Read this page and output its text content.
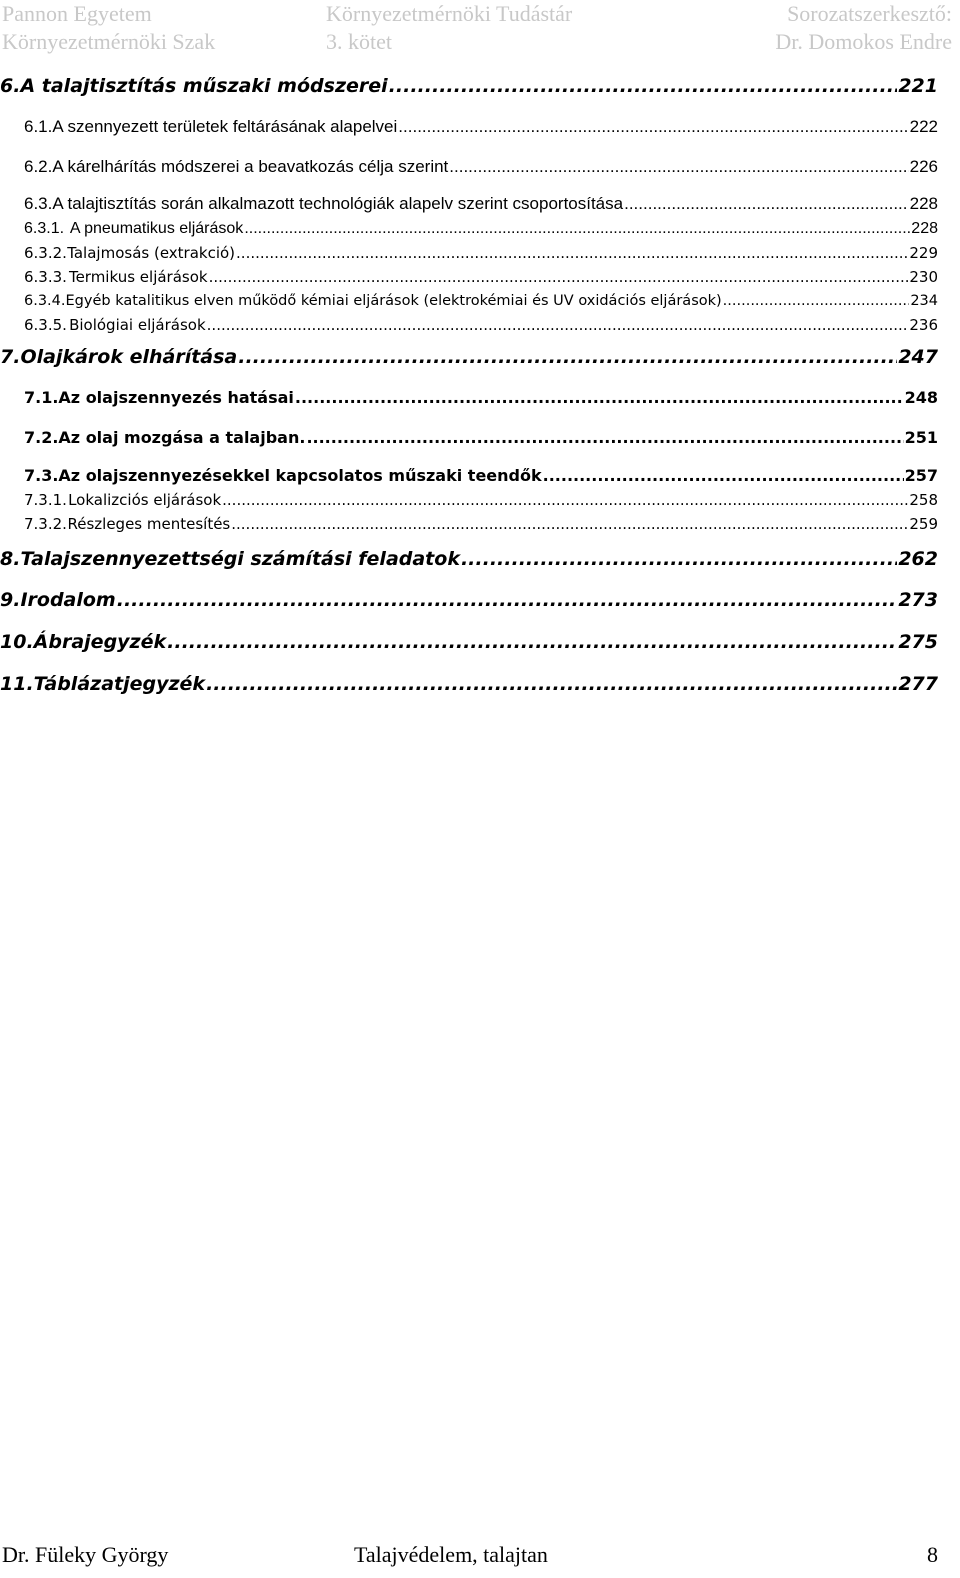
Pannon Egyetem
Környezetmérnöki Szak
Környezetmérnöki Tudástár
3. kötet
Sorozatszerkesztő:
Dr. Domokos Endre
6. A talajtisztítás műszaki módszerei .....	221
6.1. A szennyezett területek feltárásának alapelvei .....	222
6.2. A kárelhárítás módszerei a beavatkozás célja szerint .....	226
6.3. A talajtisztítás során alkalmazott technológiák alapelv szerint csoportosítása .....	228
6.3.1. A pneumatikus eljárások .....	228
6.3.2. Talajmosás (extrakció) .....	229
6.3.3. Termikus eljárások .....	230
6.3.4. Egyéb katalitikus elven működő kémiai eljárások (elektrokémiai és UV oxidációs eljárások) .....	234
6.3.5. Biológiai eljárások .....	236
7. Olajkárok elhárítása .....	247
7.1. Az olajszennyezés hatásai .....	248
7.2. Az olaj mozgása a talajban. .....	251
7.3. Az olajszennyezésekkel kapcsolatos műszaki teendők .....	257
7.3.1. Lokalizciós eljárások .....	258
7.3.2. Részleges mentesítés .....	259
8. Talajszennyezettségi számítási feladatok .....	262
9. Irodalom .....	273
10. Ábrajegyzék .....	275
11. Táblázatjegyzék .....	277
Dr. Füleky György	Talajvédelem, talajtan	8
